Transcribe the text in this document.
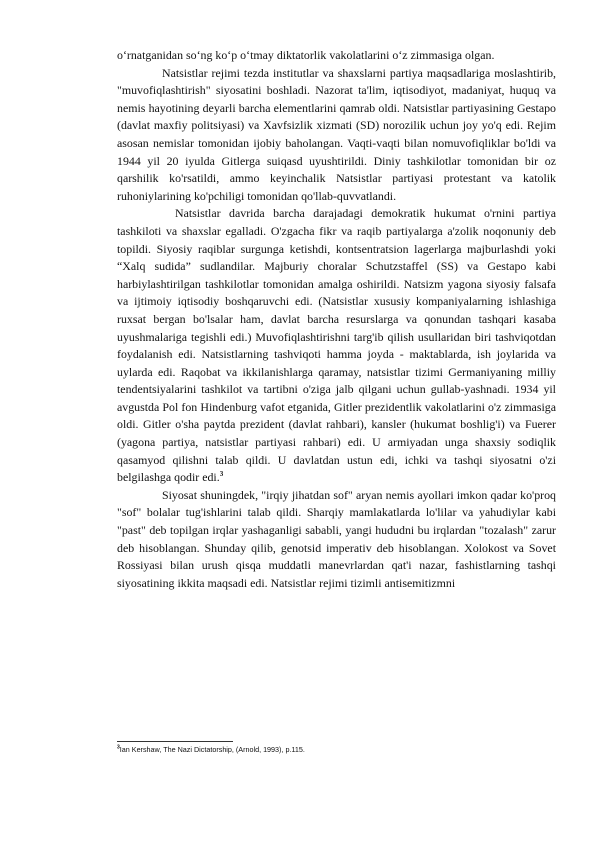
o‘rnatganidan so‘ng ko‘p o‘tmay diktatorlik vakolatlarini o‘z zimmasiga olgan.

Natsistlar rejimi tezda institutlar va shaxslarni partiya maqsadlariga moslashtirib, "muvofiqlashtirish" siyosatini boshladi. Nazorat ta'lim, iqtisodiyot, madaniyat, huquq va nemis hayotining deyarli barcha elementlarini qamrab oldi. Natsistlar partiyasining Gestapo (davlat maxfiy politsiyasi) va Xavfsizlik xizmati (SD) norozilik uchun joy yo'q edi. Rejim asosan nemislar tomonidan ijobiy baholangan. Vaqti-vaqti bilan nomuvofiqliklar bo'ldi va 1944 yil 20 iyulda Gitlerga suiqasd uyushtirildi. Diniy tashkilotlar tomonidan bir oz qarshilik ko'rsatildi, ammo keyinchalik Natsistlar partiyasi protestant va katolik ruhoniylarining ko'pchiligi tomonidan qo'llab-quvvatlandi.

Natsistlar davrida barcha darajadagi demokratik hukumat o'rnini partiya tashkiloti va shaxslar egalladi. O'zgacha fikr va raqib partiyalarga a'zolik noqonuniy deb topildi. Siyosiy raqiblar surgunga ketishdi, kontsentratsion lagerlarga majburlashdi yoki “Xalq sudida” sudlandilar. Majburiy choralar Schutzstaffel (SS) va Gestapo kabi harbiylashtirilgan tashkilotlar tomonidan amalga oshirildi. Natsizm yagona siyosiy falsafa va ijtimoiy iqtisodiy boshqaruvchi edi. (Natsistlar xususiy kompaniyalarning ishlashiga ruxsat bergan bo'lsalar ham, davlat barcha resurslarga va qonundan tashqari kasaba uyushmalariga tegishli edi.) Muvofiqlashtirishni targ'ib qilish usullaridan biri tashviqotdan foydalanish edi. Natsistlarning tashviqoti hamma joyda - maktablarda, ish joylarida va uylarda edi. Raqobat va ikkilanishlarga qaramay, natsistlar tizimi Germaniyaning milliy tendentsiyalarini tashkilot va tartibni o'ziga jalb qilgani uchun gullab-yashnadi. 1934 yil avgustda Pol fon Hindenburg vafot etganida, Gitler prezidentlik vakolatlarini o'z zimmasiga oldi. Gitler o'sha paytda prezident (davlat rahbari), kansler (hukumat boshlig'i) va Fuerer (yagona partiya, natsistlar partiyasi rahbari) edi. U armiyadan unga shaxsiy sodiqlik qasamyod qilishni talab qildi. U davlatdan ustun edi, ichki va tashqi siyosatni o'zi belgilashga qodir edi.$^3$

Siyosat shuningdek, "irqiy jihatdan sof" aryan nemis ayollari imkon qadar ko'proq "sof" bolalar tug'ishlarini talab qildi. Sharqiy mamlakatlarda lo'lilar va yahudiylar kabi "past" deb topilgan irqlar yashaganligi sababli, yangi hududni bu irqlardan "tozalash" zarur deb hisoblangan. Shunday qilib, genotsid imperativ deb hisoblangan. Xolokost va Sovet Rossiyasi bilan urush qisqa muddatli manevrlardan qat'i nazar, fashistlarning tashqi siyosatining ikkita maqsadi edi. Natsistlar rejimi tizimli antisemitizmni

$^3$Ian Kershaw, The Nazi Dictatorship, (Arnold, 1993), p.115.
